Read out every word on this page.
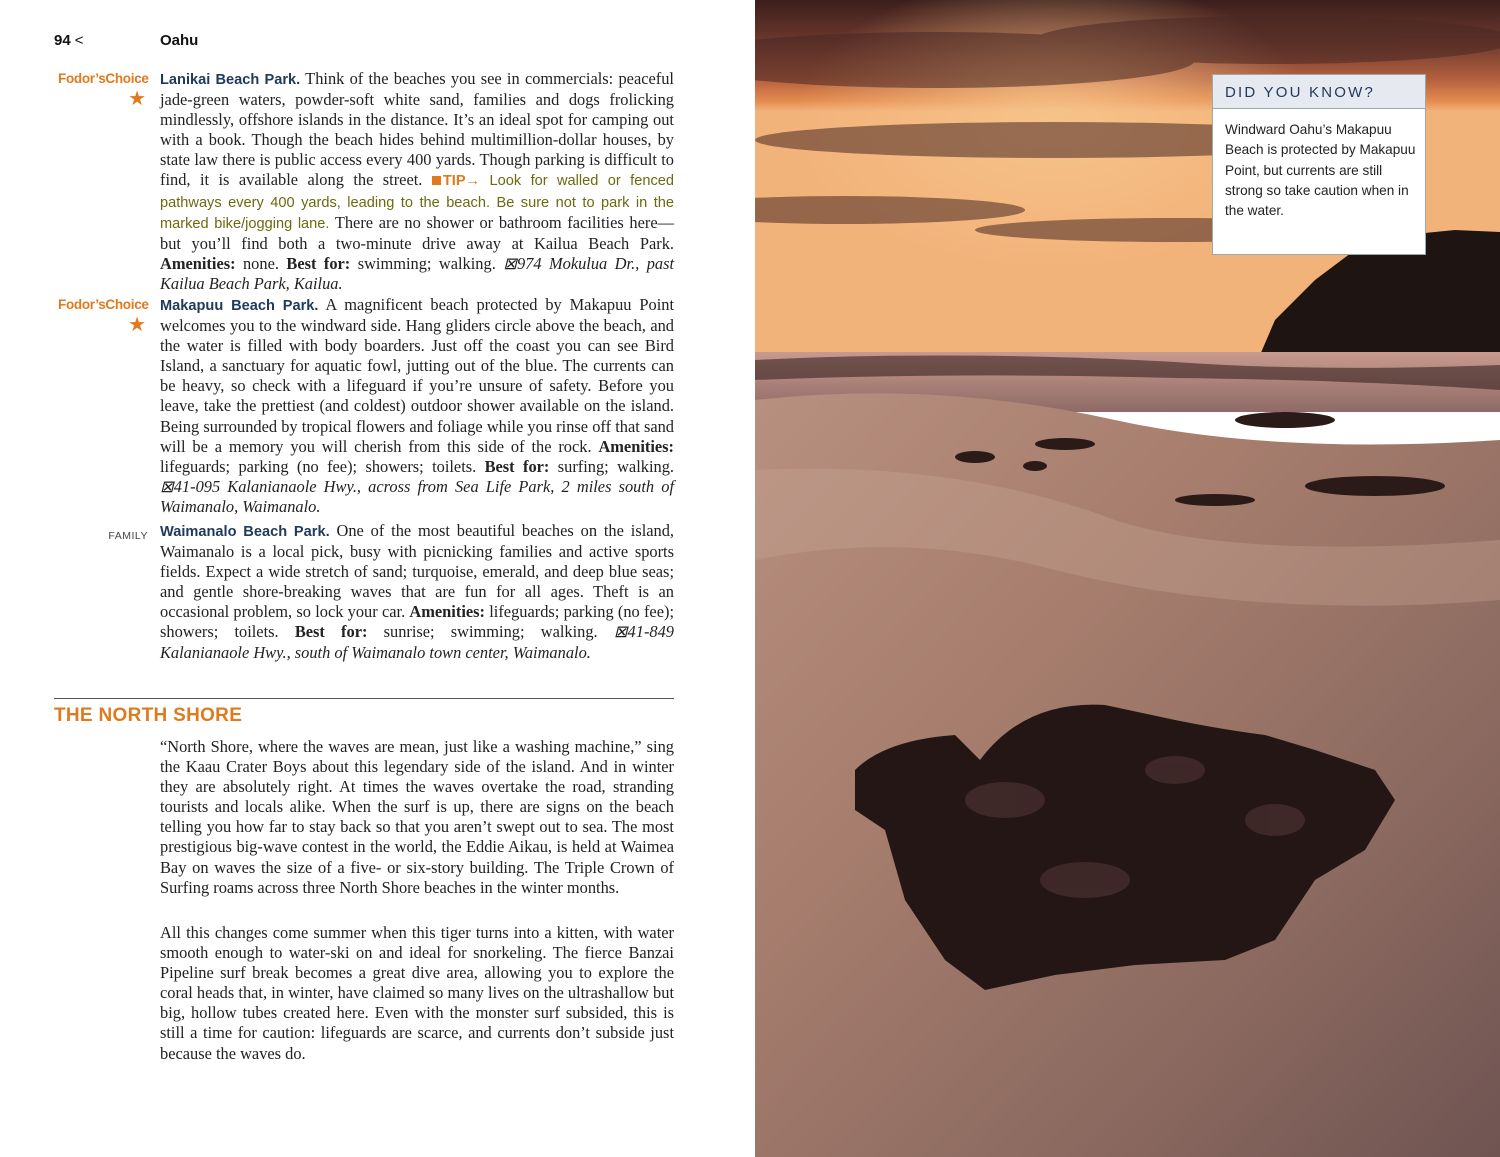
94 <	Oahu
Fodor’sChoice
★
Lanikai Beach Park. Think of the beaches you see in commercials: peaceful jade-green waters, powder-soft white sand, families and dogs frolicking mindlessly, offshore islands in the distance. It’s an ideal spot for camping out with a book. Though the beach hides behind multimillion-dollar houses, by state law there is public access every 400 yards. Though parking is difficult to find, it is available along the street. TIP→ Look for walled or fenced pathways every 400 yards, leading to the beach. Be sure not to park in the marked bike/jogging lane. There are no shower or bathroom facilities here—but you’ll find both a two-minute drive away at Kailua Beach Park. Amenities: none. Best for: swimming; walking. ⊠974 Mokulua Dr., past Kailua Beach Park, Kailua.
Fodor’sChoice
★
Makapuu Beach Park. A magnificent beach protected by Makapuu Point welcomes you to the windward side. Hang gliders circle above the beach, and the water is filled with body boarders. Just off the coast you can see Bird Island, a sanctuary for aquatic fowl, jutting out of the blue. The currents can be heavy, so check with a lifeguard if you’re unsure of safety. Before you leave, take the prettiest (and coldest) outdoor shower available on the island. Being surrounded by tropical flowers and foliage while you rinse off that sand will be a memory you will cherish from this side of the rock. Amenities: lifeguards; parking (no fee); showers; toilets. Best for: surfing; walking. ⊠41-095 Kalanianaole Hwy., across from Sea Life Park, 2 miles south of Waimanalo, Waimanalo.
FAMILY Waimanalo Beach Park. One of the most beautiful beaches on the island, Waimanalo is a local pick, busy with picnicking families and active sports fields. Expect a wide stretch of sand; turquoise, emerald, and deep blue seas; and gentle shore-breaking waves that are fun for all ages. Theft is an occasional problem, so lock your car. Amenities: lifeguards; parking (no fee); showers; toilets. Best for: sunrise; swimming; walking. ⊠41-849 Kalanianaole Hwy., south of Waimanalo town center, Waimanalo.
THE NORTH SHORE
“North Shore, where the waves are mean, just like a washing machine,” sing the Kaau Crater Boys about this legendary side of the island. And in winter they are absolutely right. At times the waves overtake the road, stranding tourists and locals alike. When the surf is up, there are signs on the beach telling you how far to stay back so that you aren’t swept out to sea. The most prestigious big-wave contest in the world, the Eddie Aikau, is held at Waimea Bay on waves the size of a five- or six-story building. The Triple Crown of Surfing roams across three North Shore beaches in the winter months.
All this changes come summer when this tiger turns into a kitten, with water smooth enough to water-ski on and ideal for snorkeling. The fierce Banzai Pipeline surf break becomes a great dive area, allowing you to explore the coral heads that, in winter, have claimed so many lives on the ultrashallow but big, hollow tubes created here. Even with the monster surf subsided, this is still a time for caution: lifeguards are scarce, and currents don’t subside just because the waves do.
DID YOU KNOW?
Windward Oahu’s Makapuu Beach is protected by Makapuu Point, but currents are still strong so take caution when in the water.
